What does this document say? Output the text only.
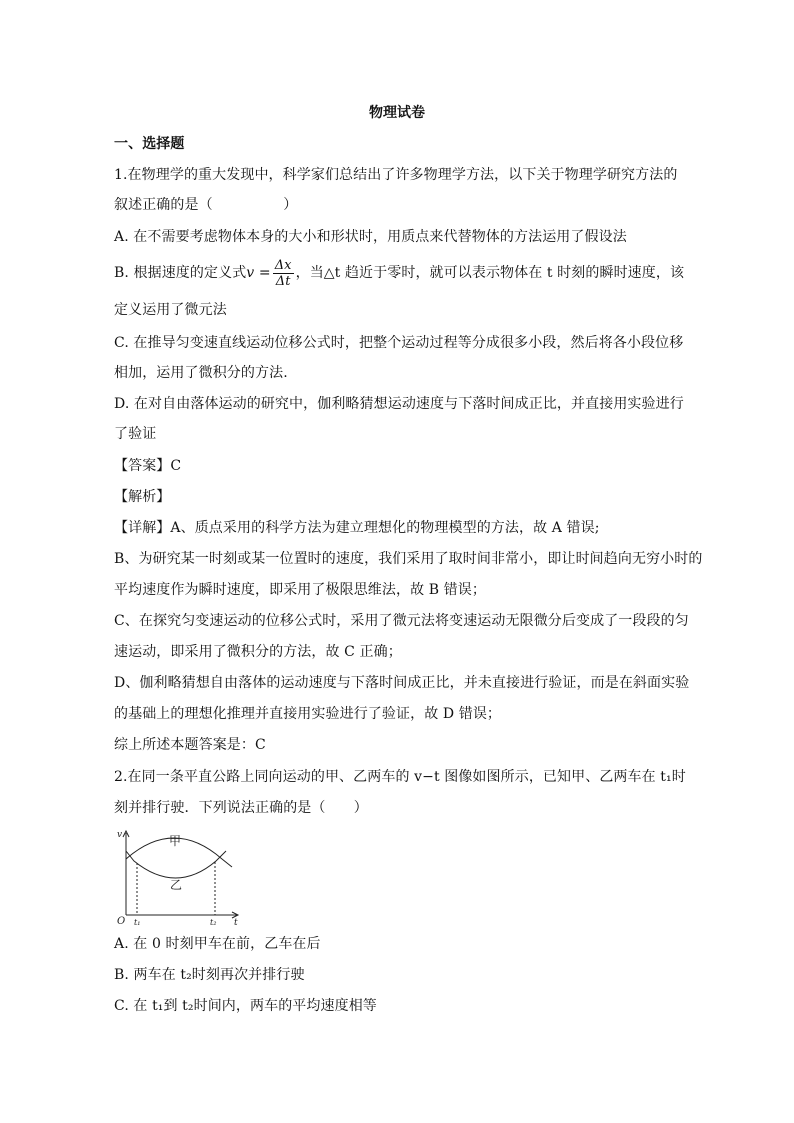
物理试卷
一、选择题
1.在物理学的重大发现中，科学家们总结出了许多物理学方法，以下关于物理学研究方法的
叙述正确的是（　　　　　）
A. 在不需要考虑物体本身的大小和形状时，用质点来代替物体的方法运用了假设法
B. 根据速度的定义式$v = \frac{\Delta x}{\Delta t}$ ，当△t 趋近于零时，就可以表示物体在 t 时刻的瞬时速度，该
定义运用了微元法
C. 在推导匀变速直线运动位移公式时，把整个运动过程等分成很多小段，然后将各小段位移
相加，运用了微积分的方法.
D. 在对自由落体运动的研究中，伽利略猜想运动速度与下落时间成正比，并直接用实验进行
了验证
【答案】C
【解析】
【详解】A、质点采用的科学方法为建立理想化的物理模型的方法，故 A 错误;
B、为研究某一时刻或某一位置时的速度，我们采用了取时间非常小，即让时间趋向无穷小时的
平均速度作为瞬时速度，即采用了极限思维法，故 B 错误；
C、在探究匀变速运动的位移公式时，采用了微元法将变速运动无限微分后变成了一段段的匀
速运动，即采用了微积分的方法，故 C 正确；
D、伽利略猜想自由落体的运动速度与下落时间成正比，并未直接进行验证，而是在斜面实验
的基础上的理想化推理并直接用实验进行了验证，故 D 错误；
综上所述本题答案是：C
2.在同一条平直公路上同向运动的甲、乙两车的 v−t 图像如图所示，已知甲、乙两车在 t₁时
刻并排行驶．下列说法正确的是（　　）
v
t
O t₁	t₂
甲
乙
A. 在 0 时刻甲车在前，乙车在后
B. 两车在 t₂时刻再次并排行驶
C. 在 t₁到 t₂时间内，两车的平均速度相等
